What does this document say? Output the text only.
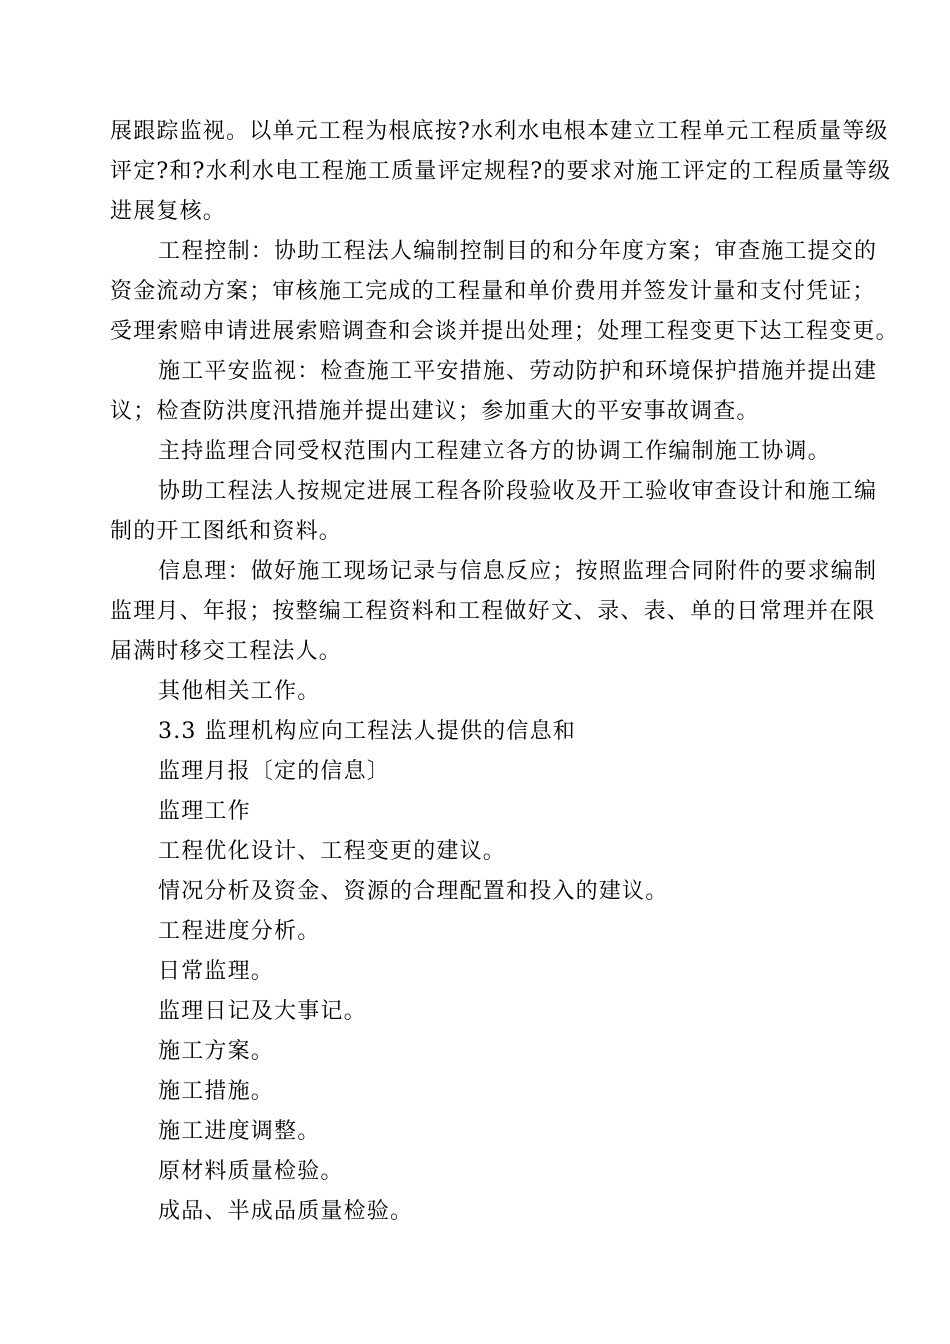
展跟踪监视。以单元工程为根底按?水利水电根本建立工程单元工程质量等级
评定?和?水利水电工程施工质量评定规程?的要求对施工评定的工程质量等级
进展复核。
工程控制：协助工程法人编制控制目的和分年度方案；审查施工提交的
资金流动方案；审核施工完成的工程量和单价费用并签发计量和支付凭证；
受理索赔申请进展索赔调查和会谈并提出处理；处理工程变更下达工程变更。
施工平安监视：检查施工平安措施、劳动防护和环境保护措施并提出建
议；检查防洪度汛措施并提出建议；参加重大的平安事故调查。
主持监理合同受权范围内工程建立各方的协调工作编制施工协调。
协助工程法人按规定进展工程各阶段验收及开工验收审查设计和施工编
制的开工图纸和资料。
信息理：做好施工现场记录与信息反应；按照监理合同附件的要求编制
监理月、年报；按整编工程资料和工程做好文、录、表、单的日常理并在限
届满时移交工程法人。
其他相关工作。
3.3 监理机构应向工程法人提供的信息和
监理月报〔定的信息〕
监理工作
工程优化设计、工程变更的建议。
情况分析及资金、资源的合理配置和投入的建议。
工程进度分析。
日常监理。
监理日记及大事记。
施工方案。
施工措施。
施工进度调整。
原材料质量检验。
成品、半成品质量检验。
